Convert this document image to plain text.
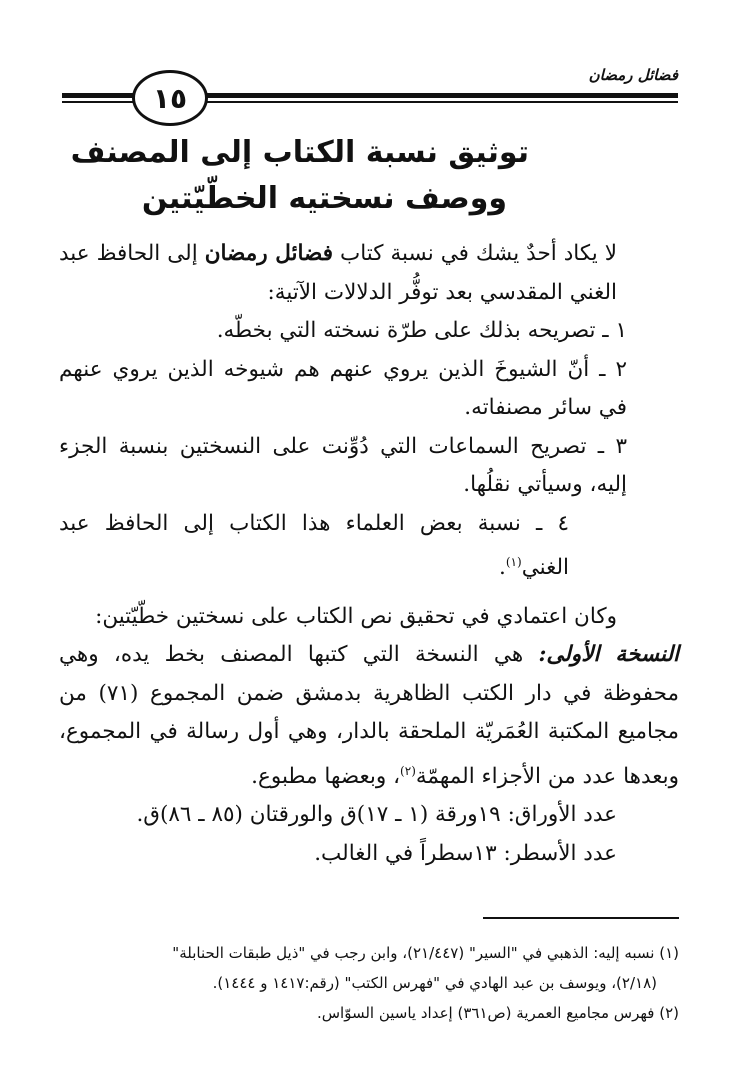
فضائل رمضان
١٥
توثيق نسبة الكتاب إلى المصنف
ووصف نسختيه الخطّيّتين

لا يكاد أحدٌ يشك في نسبة كتاب فضائل رمضان إلى الحافظ عبد الغني المقدسي بعد توفُّر الدلالات الآتية:

١ ـ تصريحه بذلك على طرّة نسخته التي بخطّه.

٢ ـ أنّ الشيوخَ الذين يروي عنهم هم شيوخه الذين يروي عنهم في سائر مصنفاته.

٣ ـ تصريح السماعات التي دُوِّنت على النسختين بنسبة الجزء إليه، وسيأتي نقلُها.

٤ ـ نسبة بعض العلماء هذا الكتاب إلى الحافظ عبد الغني$^{(١)}$.

وكان اعتمادي في تحقيق نص الكتاب على نسختين خطّيّتين:

النسخة الأولى: هي النسخة التي كتبها المصنف بخط يده، وهي محفوظة في دار الكتب الظاهرية بدمشق ضمن المجموع (٧١) من مجاميع المكتبة العُمَريّة الملحقة بالدار، وهي أول رسالة في المجموع، وبعدها عدد من الأجزاء المهمّة$^{(٢)}$، وبعضها مطبوع.

عدد الأوراق: ١٩ورقة (١ ـ ١٧)ق والورقتان (٨٥ ـ ٨٦)ق.

عدد الأسطر: ١٣سطراً في الغالب.

(١) نسبه إليه: الذهبي في "السير" (٢١/٤٤٧)، وابن رجب في "ذيل طبقات الحنابلة"

(٢/١٨)، ويوسف بن عبد الهادي في "فهرس الكتب" (رقم:١٤١٧ و ١٤٤٤).

(٢) فهرس مجاميع العمرية (ص٣٦١) إعداد ياسين السوّاس.
